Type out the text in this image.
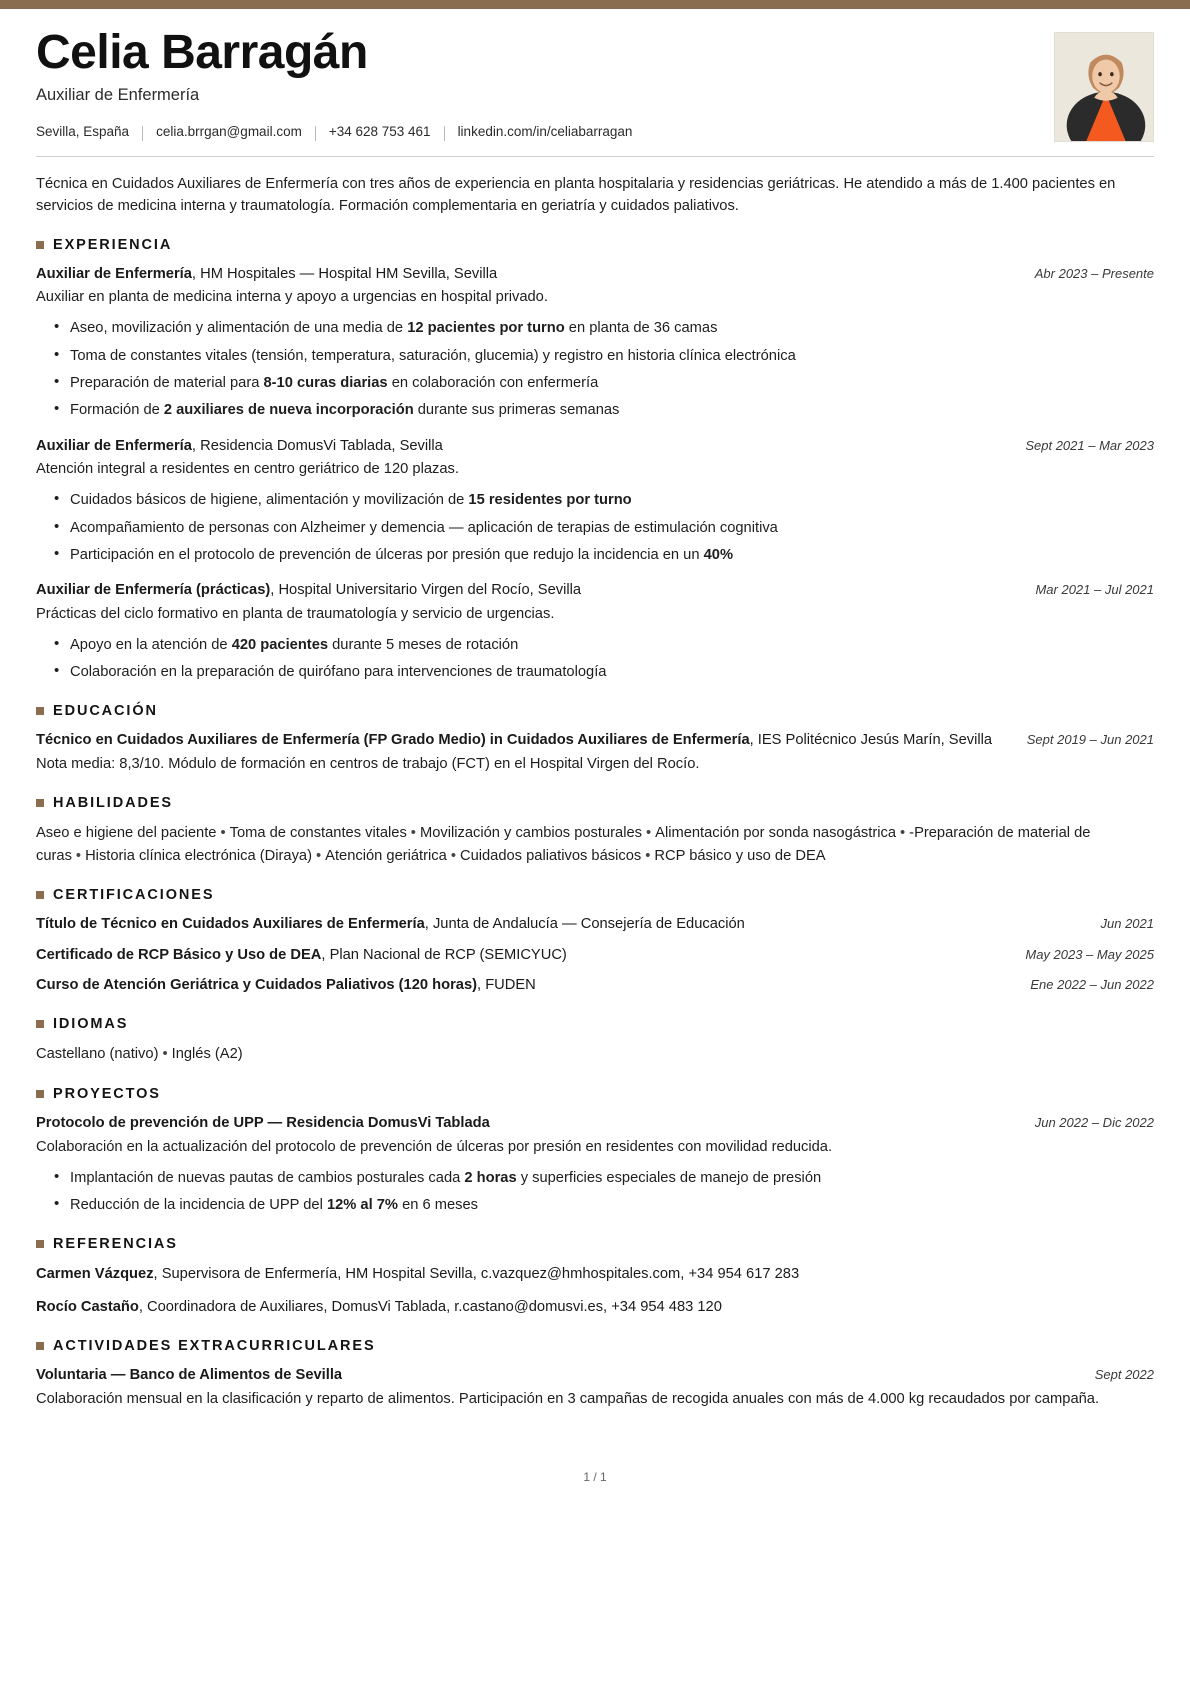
Celia Barragán
Auxiliar de Enfermería
Sevilla, España celia.brrgan@gmail.com +34 628 753 461 linkedin.com/in/celiabarragan

Técnica en Cuidados Auxiliares de Enfermería con tres años de experiencia en planta hospitalaria y residencias geriátricas. He atendido a más de 1.400 pacientes en servicios de medicina interna y traumatología. Formación complementaria en geriatría y cuidados paliativos.

EXPERIENCIA
Auxiliar de Enfermería, HM Hospitales — Hospital HM Sevilla, Sevilla	Abr 2023 – Presente
Auxiliar en planta de medicina interna y apoyo a urgencias en hospital privado.
• Aseo, movilización y alimentación de una media de 12 pacientes por turno en planta de 36 camas
• Toma de constantes vitales (tensión, temperatura, saturación, glucemia) y registro en historia clínica electrónica
• Preparación de material para 8-10 curas diarias en colaboración con enfermería
• Formación de 2 auxiliares de nueva incorporación durante sus primeras semanas
Auxiliar de Enfermería, Residencia DomusVi Tablada, Sevilla	Sept 2021 – Mar 2023
Atención integral a residentes en centro geriátrico de 120 plazas.
• Cuidados básicos de higiene, alimentación y movilización de 15 residentes por turno
• Acompañamiento de personas con Alzheimer y demencia — aplicación de terapias de estimulación cognitiva
• Participación en el protocolo de prevención de úlceras por presión que redujo la incidencia en un 40%
Auxiliar de Enfermería (prácticas), Hospital Universitario Virgen del Rocío, Sevilla	Mar 2021 – Jul 2021
Prácticas del ciclo formativo en planta de traumatología y servicio de urgencias.
• Apoyo en la atención de 420 pacientes durante 5 meses de rotación
• Colaboración en la preparación de quirófano para intervenciones de traumatología
EDUCACIÓN
Técnico en Cuidados Auxiliares de Enfermería (FP Grado Medio) in Cuidados Auxiliares de Enfermería, IES Politécnico Jesús Marín, Sevilla	Sept 2019 – Jun 2021
Nota media: 8,3/10. Módulo de formación en centros de trabajo (FCT) en el Hospital Virgen del Rocío.
HABILIDADES
Aseo e higiene del paciente • Toma de constantes vitales • Movilización y cambios posturales • Alimentación por sonda nasogástrica • -Preparación de material de curas • Historia clínica electrónica (Diraya) • Atención geriátrica • Cuidados paliativos básicos • RCP básico y uso de DEA
CERTIFICACIONES
Título de Técnico en Cuidados Auxiliares de Enfermería, Junta de Andalucía — Consejería de Educación	Jun 2021
Certificado de RCP Básico y Uso de DEA, Plan Nacional de RCP (SEMICYUC)	May 2023 – May 2025
Curso de Atención Geriátrica y Cuidados Paliativos (120 horas), FUDEN	Ene 2022 – Jun 2022
IDIOMAS
Castellano (nativo) • Inglés (A2)
PROYECTOS
Protocolo de prevención de UPP — Residencia DomusVi Tablada	Jun 2022 – Dic 2022
Colaboración en la actualización del protocolo de prevención de úlceras por presión en residentes con movilidad reducida.
• Implantación de nuevas pautas de cambios posturales cada 2 horas y superficies especiales de manejo de presión
• Reducción de la incidencia de UPP del 12% al 7% en 6 meses
REFERENCIAS
Carmen Vázquez, Supervisora de Enfermería, HM Hospital Sevilla, c.vazquez@hmhospitales.com, +34 954 617 283
Rocío Castaño, Coordinadora de Auxiliares, DomusVi Tablada, r.castano@domusvi.es, +34 954 483 120
ACTIVIDADES EXTRACURRICULARES
Voluntaria — Banco de Alimentos de Sevilla	Sept 2022
Colaboración mensual en la clasificación y reparto de alimentos. Participación en 3 campañas de recogida anuales con más de 4.000 kg recaudados por campaña.
1 / 1
